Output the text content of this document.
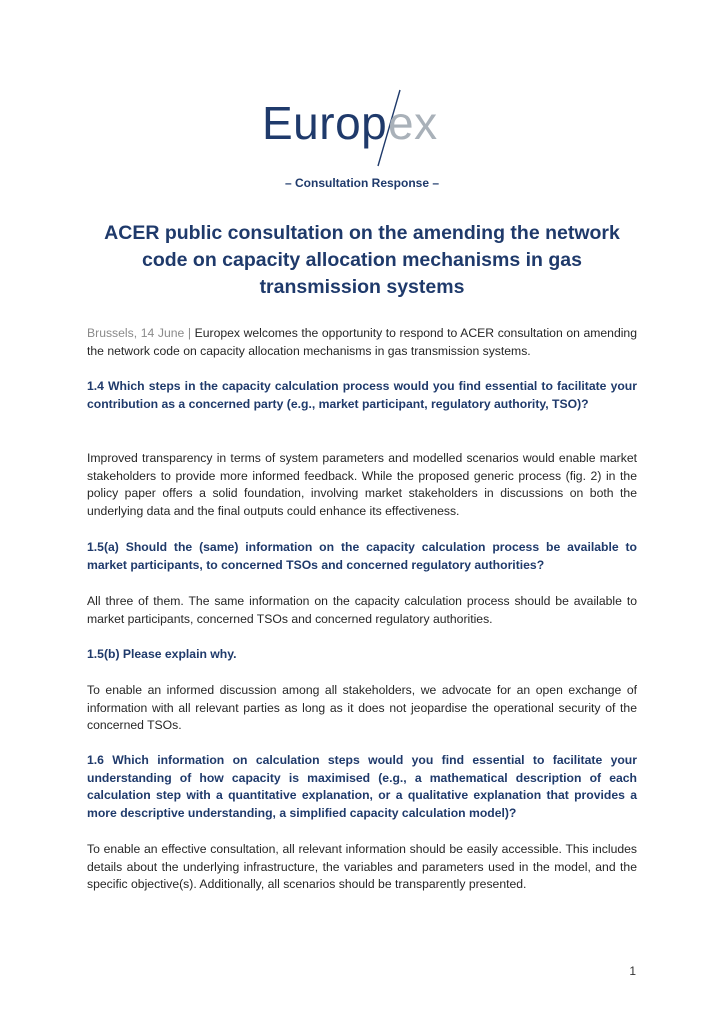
Europ ex
– Consultation Response –
ACER public consultation on the amending the network code on capacity allocation mechanisms in gas transmission systems
Brussels, 14 June | Europex welcomes the opportunity to respond to ACER consultation on amending the network code on capacity allocation mechanisms in gas transmission systems.
1.4 Which steps in the capacity calculation process would you find essential to facilitate your contribution as a concerned party (e.g., market participant, regulatory authority, TSO)?
Improved transparency in terms of system parameters and modelled scenarios would enable market stakeholders to provide more informed feedback. While the proposed generic process (fig. 2) in the policy paper offers a solid foundation, involving market stakeholders in discussions on both the underlying data and the final outputs could enhance its effectiveness.
1.5(a) Should the (same) information on the capacity calculation process be available to market participants, to concerned TSOs and concerned regulatory authorities?
All three of them. The same information on the capacity calculation process should be available to market participants, concerned TSOs and concerned regulatory authorities.
1.5(b) Please explain why.
To enable an informed discussion among all stakeholders, we advocate for an open exchange of information with all relevant parties as long as it does not jeopardise the operational security of the concerned TSOs.
1.6 Which information on calculation steps would you find essential to facilitate your understanding of how capacity is maximised (e.g., a mathematical description of each calculation step with a quantitative explanation, or a qualitative explanation that provides a more descriptive understanding, a simplified capacity calculation model)?
To enable an effective consultation, all relevant information should be easily accessible. This includes details about the underlying infrastructure, the variables and parameters used in the model, and the specific objective(s). Additionally, all scenarios should be transparently presented.
1
